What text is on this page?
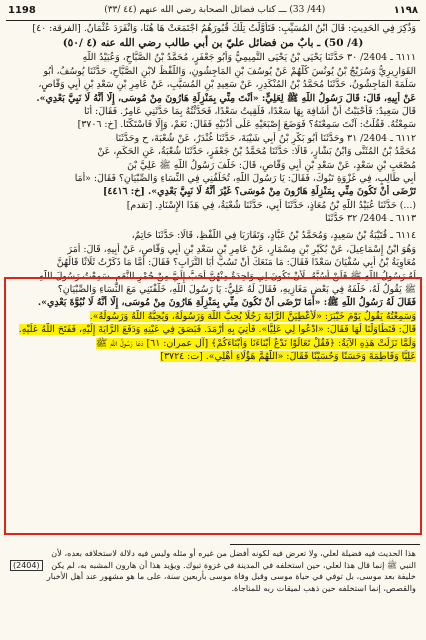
1198	(44/ 33) ـــ كتاب فضائل الصحابة رضي الله عنهم (٤٤ /٣٣)	١١٩٨
وَذُكِرَ فِي الحَدِيثِ: قَالَ ابْنُ المُسَيِّبِ: فَتَأَوَّلْتُ تِلْكَ قُبُورَهُمُ اجْتَمَعَتْ هَا هُنَا، وَانْفَرَدَ عُثْمَانُ. [الفرقة: ٤٠]
(4/ 50) ـ بابٌ من فضائل عليّ بن أبي طالب رضي الله عنه (٤ /٥٠)
٦١١١ ـ 2404/ ٣٠ حَدَّثَنَا يَحْيَى بْنُ يَحْيَى التَّمِيمِيُّ وَأَبُو جَعْفَرٍ، مُحَمَّدُ بْنُ الصَّبَّاحِ، وَعُبَيْدُ اللَّهِ
القَوَارِيرِيُّ وَسُرَيْجُ بْنُ يُونُسَ كُلُّهُمْ عَنْ يُوسُفَ بْنِ المَاجِشُونِ، وَاللَّفْظُ لابْنِ الصَّبَّاحِ، حَدَّثَنَا يُوسُفُ، أَبُو
سَلَمَةَ المَاجِشُونُ، حَدَّثَنَا مُحَمَّدُ بْنُ المُنْكَدِرِ، عَنْ سَعِيدِ بْنِ المُسَيَّبِ، عَنْ عَامِرِ بْنِ سَعْدِ بْنِ أَبِي وَقَّاصٍ،
عَنْ أَبِيهِ، قَالَ: قَالَ رَسُولُ اللَّهِ ﷺ لِعَلِيٍّ: «أَنْتَ مِنِّي بِمَنْزِلَةِ هَارُونَ مِنْ مُوسَى، إِلَّا أَنَّهُ لَا نَبِيَّ بَعْدِي».
قَالَ سَعِيدٌ: فَأَحْبَبْتُ أَنْ أُشَافِهَ بِهَا سَعْدًا، فَلَقِيتُ سَعْدًا، فَحَدَّثْتُهُ بِمَا حَدَّثَنِي عَامِرٌ. فَقَالَ: أَنَا
سَمِعْتُهُ. فَقُلْتُ: آنْتَ سَمِعْتَهُ؟ فَوَضَعَ إِصْبَعَيْهِ عَلَى أُذُنَيْهِ فَقَالَ: نَعَمْ، وَإِلَّا فَاسْتَكَّتَا. [خ: ٣٧٠٦]
٦١١٢ ـ 2404/ ٣١ وحَدَّثَنَا أَبُو بَكْرِ بْنُ أَبِي شَيْبَةَ، حَدَّثَنَا غُنْدَرٌ، عَنْ شُعْبَةَ، ح وحَدَّثَنَا
مُحَمَّدُ بْنُ المُثَنَّى وَابْنُ بَشَّارٍ، قَالَا: حَدَّثَنَا مُحَمَّدُ بْنُ جَعْفَرٍ، حَدَّثَنَا شُعْبَةُ، عَنِ الحَكَمِ، عَنْ
مُصْعَبِ بْنِ سَعْدٍ، عَنْ سَعْدِ بْنِ أَبِي وَقَّاصٍ، قَالَ: خَلَّفَ رَسُولُ اللَّهِ ﷺ عَلِيَّ بْنَ
أَبِي طَالِبٍ، فِي غَزْوَةِ تَبُوكَ، فَقَالَ: يَا رَسُولَ اللَّهِ، تُخَلِّفُنِي فِي النِّسَاءِ وَالصِّبْيَانِ؟ فَقَالَ: «أَمَا
تَرْضَى أَنْ تَكُونَ مِنِّي بِمَنْزِلَةِ هَارُونَ مِنْ مُوسَى؟ غَيْرَ أَنَّهُ لَا نَبِيَّ بَعْدِي». [خ: ٤٤١٦]
(...) حَدَّثَنَا عُبَيْدُ اللَّهِ بْنُ مُعَاذٍ، حَدَّثَنَا أَبِي، حَدَّثَنَا شُعْبَةُ، فِي هَذَا الإِسْنَادِ. [تقدم]
٦١١٣ ـ 2404/ ٣٢ حَدَّثَنَا
٦١١٤ ـ قُتَيْبَةُ بْنُ سَعِيدٍ، وَمُحَمَّدُ بْنُ عَبَّادٍ، وَتَقَارَبَا فِي اللَّفْظِ، قَالَا: حَدَّثَنَا حَاتِمٌ،
وَهُوَ ابْنُ إِسْمَاعِيلَ، عَنْ بُكَيْرِ بْنِ مِسْمَارٍ، عَنْ عَامِرِ بْنِ سَعْدِ بْنِ أَبِي وَقَّاصٍ، عَنْ أَبِيهِ، قَالَ: أَمَرَ
مُعَاوِيَةُ بْنُ أَبِي سُفْيَانَ سَعْدًا فَقَالَ: مَا مَنَعَكَ أَنْ تَسُبَّ أَبَا التُّرَابِ؟ فَقَالَ: أَمَّا مَا ذَكَرْتُ ثَلَاثًا قَالَهُنَّ
لَهُ رَسُولُ اللَّهِ ﷺ فَلَنْ أَسُبَّهُ، لَأَنْ تَكُونَ لِي وَاحِدَةٌ مِنْهُنَّ أَحَبُّ إِلَيَّ مِنْ حُمْرِ النَّعَمِ. سَمِعْتُ رَسُولَ اللَّهِ
ﷺ يَقُولُ لَهُ، خَلَّفَهُ فِي بَعْضِ مَغَازِيهِ، فَقَالَ لَهُ عَلِيٌّ: يَا رَسُولَ اللَّهِ، خَلَّفْتَنِي مَعَ النِّسَاءِ وَالصِّبْيَانِ؟
فَقَالَ لَهُ رَسُولُ اللَّهِ ﷺ: «أَمَا تَرْضَى أَنْ تَكُونَ مِنِّي بِمَنْزِلَةِ هَارُونَ مِنْ مُوسَى، إِلَّا أَنَّهُ لَا نُبُوَّةَ بَعْدِي».
وَسَمِعْتُهُ يَقُولُ يَوْمَ خَيْبَرَ: «لَأُعْطِيَنَّ الرَّايَةَ رَجُلًا يُحِبُّ اللَّهَ وَرَسُولَهُ، وَيُحِبُّهُ اللَّهُ وَرَسُولُهُ».
قَالَ: فَتَطَاوَلْنَا لَهَا فَقَالَ: «ادْعُوا لِي عَلِيًّا». فَأُتِيَ بِهِ أَرْمَدَ. فَبَصَقَ فِي عَيْنِهِ وَدَفَعَ الرَّايَةَ إِلَيْهِ، فَفَتَحَ اللَّهُ عَلَيْهِ.
وَلَمَّا نَزَلَتْ هَذِهِ الآيَةُ: ﴿فَقُلْ تَعَالَوْا نَدْعُ أَبْنَاءَنَا وَأَبْنَاءَكُمْ﴾ [آل عمران: ٦١] دَعَا رَسُولُ اللَّهِ ﷺ
عَلِيًّا وَفَاطِمَةَ وَحَسَنًا وَحُسَيْنًا فَقَالَ: «اللَّهُمَّ هَؤُلَاءِ أَهْلِي». [ت: ٣٧٢٤]
(2404)
هذا الحديث فيه فضيلة لعلي، ولا تعرض فيه لكونه أفضل من غيره أو مثله وليس فيه دلالة لاستخلافه بعده، لأن
النبي ﷺ إنما قال هذا لعلي، حين استخلفه في المدينة في غزوة تبوك. ويؤيد هذا أن هارون المشبه به، لم يكن
خليفة بعد موسى، بل توفي في حياة موسى وقبل وفاة موسى بأربعين سنة، على ما هو مشهور عند أهل الأخبار
والقصص، إنما استخلفه حين ذهب لميقات ربه للمناجاة.
